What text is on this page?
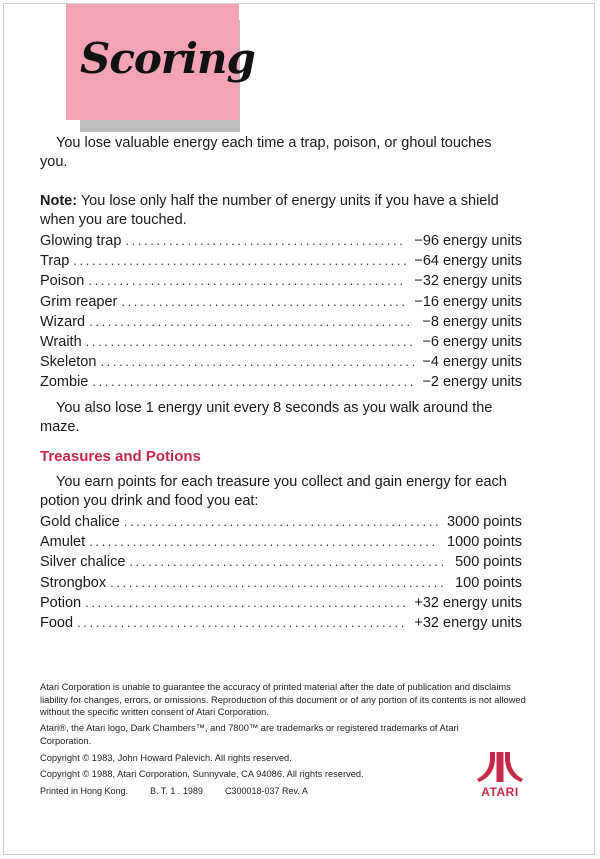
Scoring

You lose valuable energy each time a trap, poison, or ghoul touches you.

Note: You lose only half the number of energy units if you have a shield when you are touched.

Glowing trap . . .	−96 energy units
Trap . . .	−64 energy units
Poison . . .	−32 energy units
Grim reaper . . .	−16 energy units
Wizard . . .	−8 energy units
Wraith . . .	−6 energy units
Skeleton . . .	−4 energy units
Zombie . . .	−2 energy units

You also lose 1 energy unit every 8 seconds as you walk around the maze.

Treasures and Potions

You earn points for each treasure you collect and gain energy for each potion you drink and food you eat:

Gold chalice . . .	3000 points
Amulet . . .	1000 points
Silver chalice . . .	500 points
Strongbox . . .	100 points
Potion . . .	+32 energy units
Food . . .	+32 energy units

Atari Corporation is unable to guarantee the accuracy of printed material after the date of publication and disclaims liability for changes, errors, or omissions. Reproduction of this document or of any portion of its contents is not allowed without the specific written consent of Atari Corporation.

Atari®, the Atari logo, Dark Chambers™, and 7800™ are trademarks or registered trademarks of Atari Corporation.

Copyright © 1983, John Howard Palevich. All rights reserved.

Copyright © 1988, Atari Corporation, Sunnyvale, CA 94086. All rights reserved.

Printed in Hong Kong. B. T. 1 . 1989 C300018-037 Rev. A	ATARI
